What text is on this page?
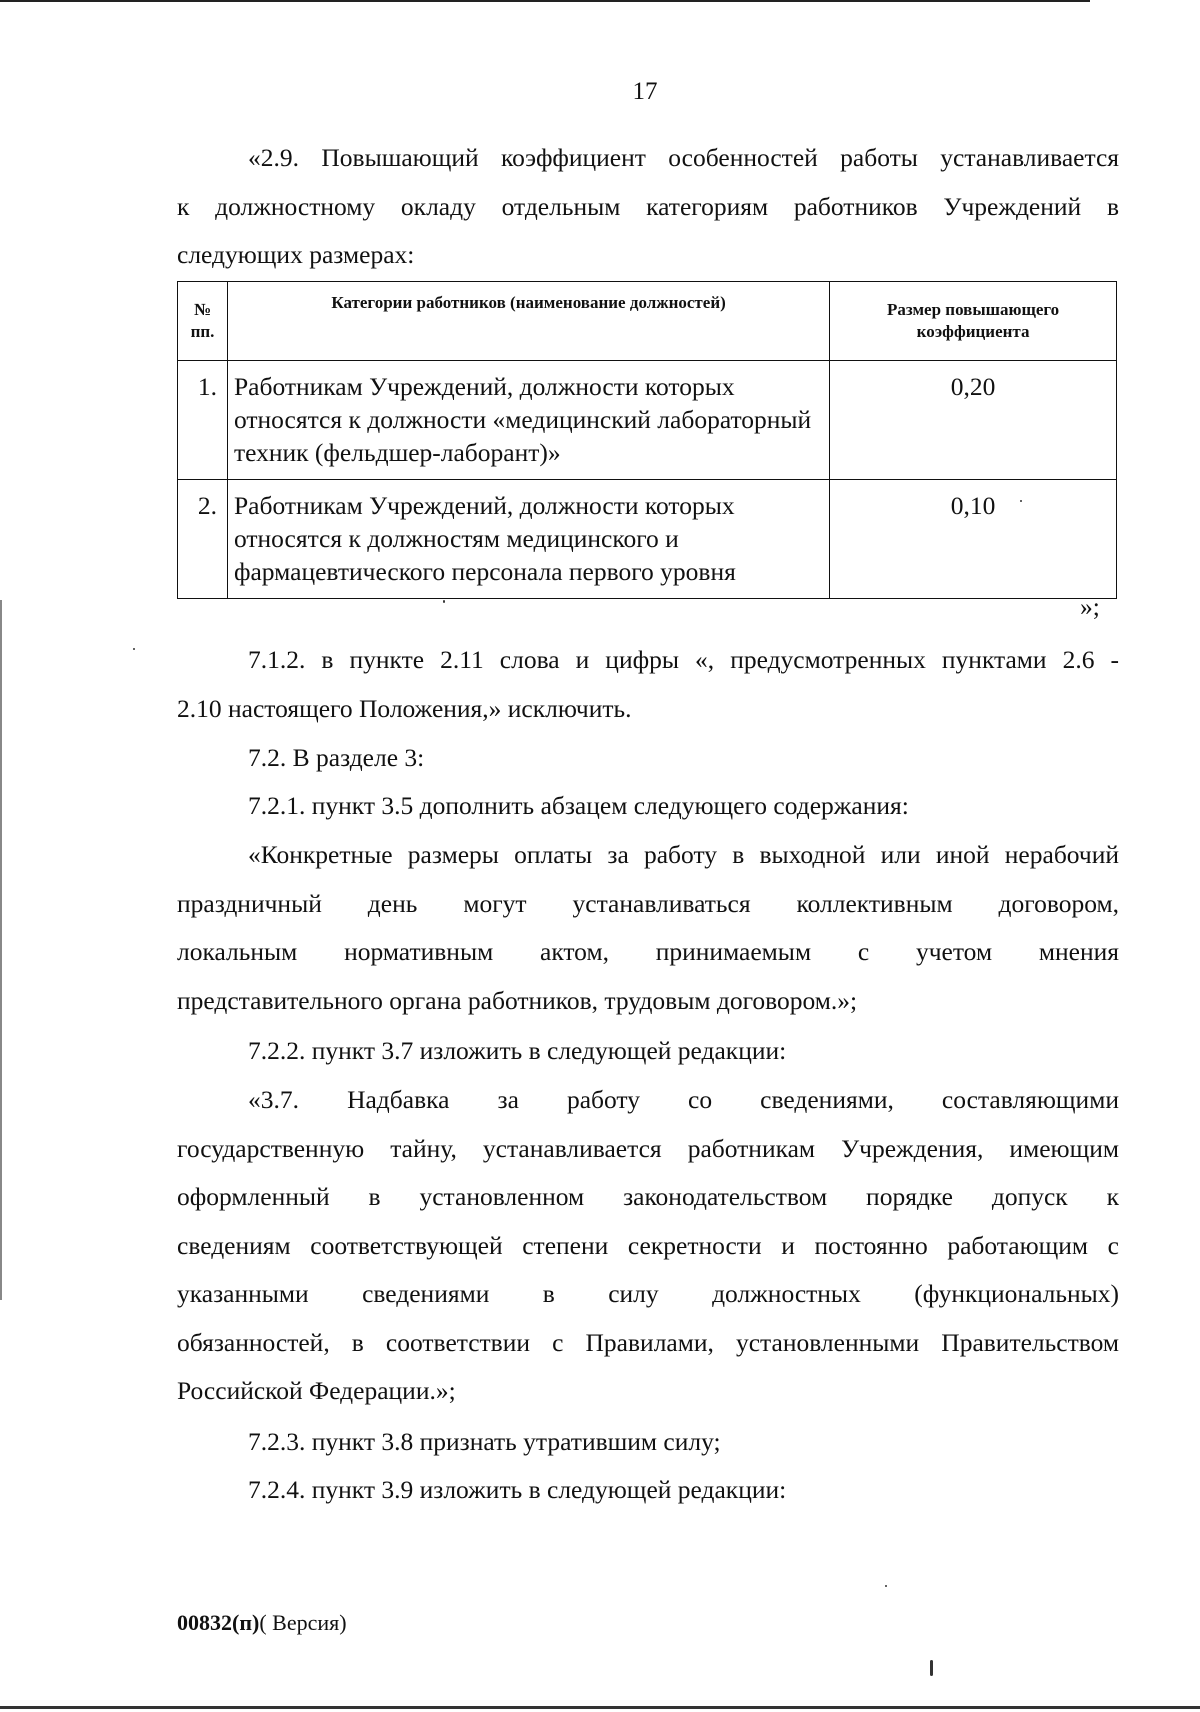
17
«2.9. Повышающий коэффициент особенностей работы устанавливается
к должностному окладу отдельным категориям работников Учреждений в
следующих размерах:
№ пп.	Категории работников (наименование должностей)	Размер повышающего коэффициента
1.	Работникам Учреждений, должности которых относятся к должности «медицинский лабораторный техник (фельдшер-лаборант)»	0,20
2.	Работникам Учреждений, должности которых относятся к должностям медицинского и фармацевтического персонала первого уровня	0,10
»;
7.1.2. в пункте 2.11 слова и цифры «, предусмотренных пунктами 2.6 -
2.10 настоящего Положения,» исключить.
7.2. В разделе 3:
7.2.1. пункт 3.5 дополнить абзацем следующего содержания:
«Конкретные размеры оплаты за работу в выходной или иной нерабочий
праздничный день могут устанавливаться коллективным договором,
локальным нормативным актом, принимаемым с учетом мнения
представительного органа работников, трудовым договором.»;
7.2.2. пункт 3.7 изложить в следующей редакции:
«3.7. Надбавка за работу со сведениями, составляющими
государственную тайну, устанавливается работникам Учреждения, имеющим
оформленный в установленном законодательством порядке допуск к
сведениям соответствующей степени секретности и постоянно работающим с
указанными сведениями в силу должностных (функциональных)
обязанностей, в соответствии с Правилами, установленными Правительством
Российской Федерации.»;
7.2.3. пункт 3.8 признать утратившим силу;
7.2.4. пункт 3.9 изложить в следующей редакции:
00832(п)( Версия)
